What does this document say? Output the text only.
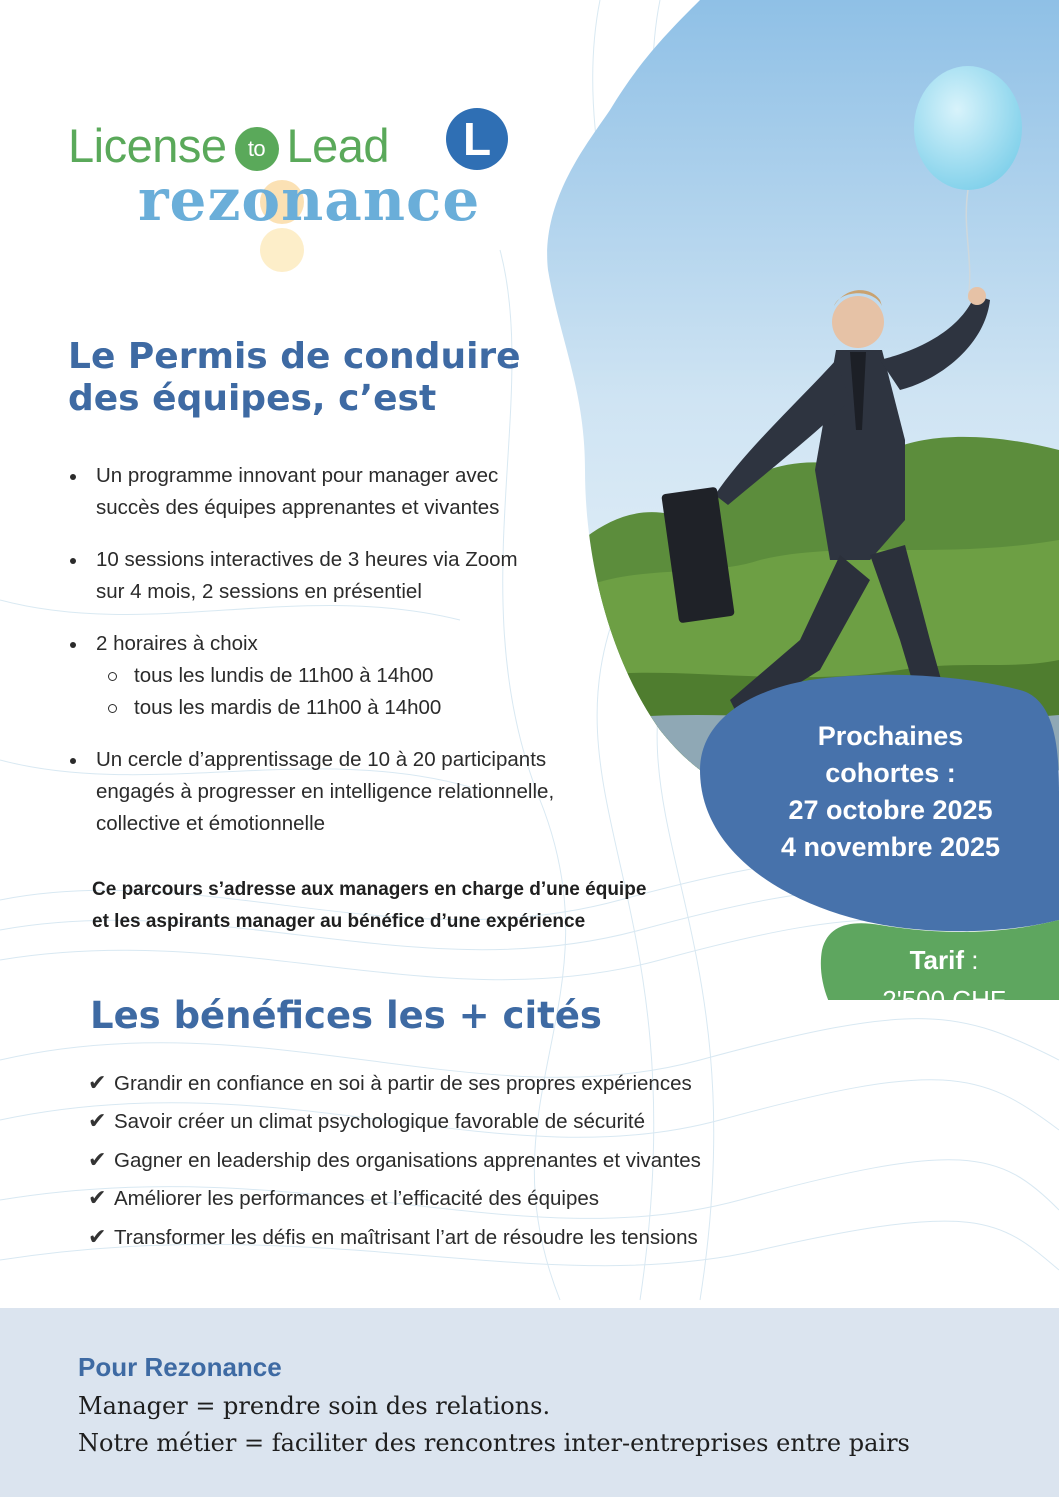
License to Lead	L
rezonance
Le Permis de conduire
des équipes, c’est
Un programme innovant pour manager avec
succès des équipes apprenantes et vivantes
10 sessions interactives de 3 heures via Zoom
sur 4 mois, 2 sessions en présentiel
2 horaires à choix
tous les lundis de 11h00 à 14h00
tous les mardis de 11h00 à 14h00
Un cercle d’apprentissage de 10 à 20 participants
engagés à progresser en intelligence relationnelle,
collective et émotionnelle

Ce parcours s’adresse aux managers en charge d’une équipe
et les aspirants manager au bénéfice d’une expérience

Prochaines
cohortes :
27 octobre 2025
4 novembre 2025
Tarif :
2'500 CHF
Les bénéfices les + cités
✔ Grandir en confiance en soi à partir de ses propres expériences
✔ Savoir créer un climat psychologique favorable de sécurité
✔ Gagner en leadership des organisations apprenantes et vivantes
✔ Améliorer les performances et l’efficacité des équipes
✔ Transformer les défis en maîtrisant l’art de résoudre les tensions

Pour Rezonance

Manager = prendre soin des relations.

Notre métier = faciliter des rencontres inter-entreprises entre pairs
